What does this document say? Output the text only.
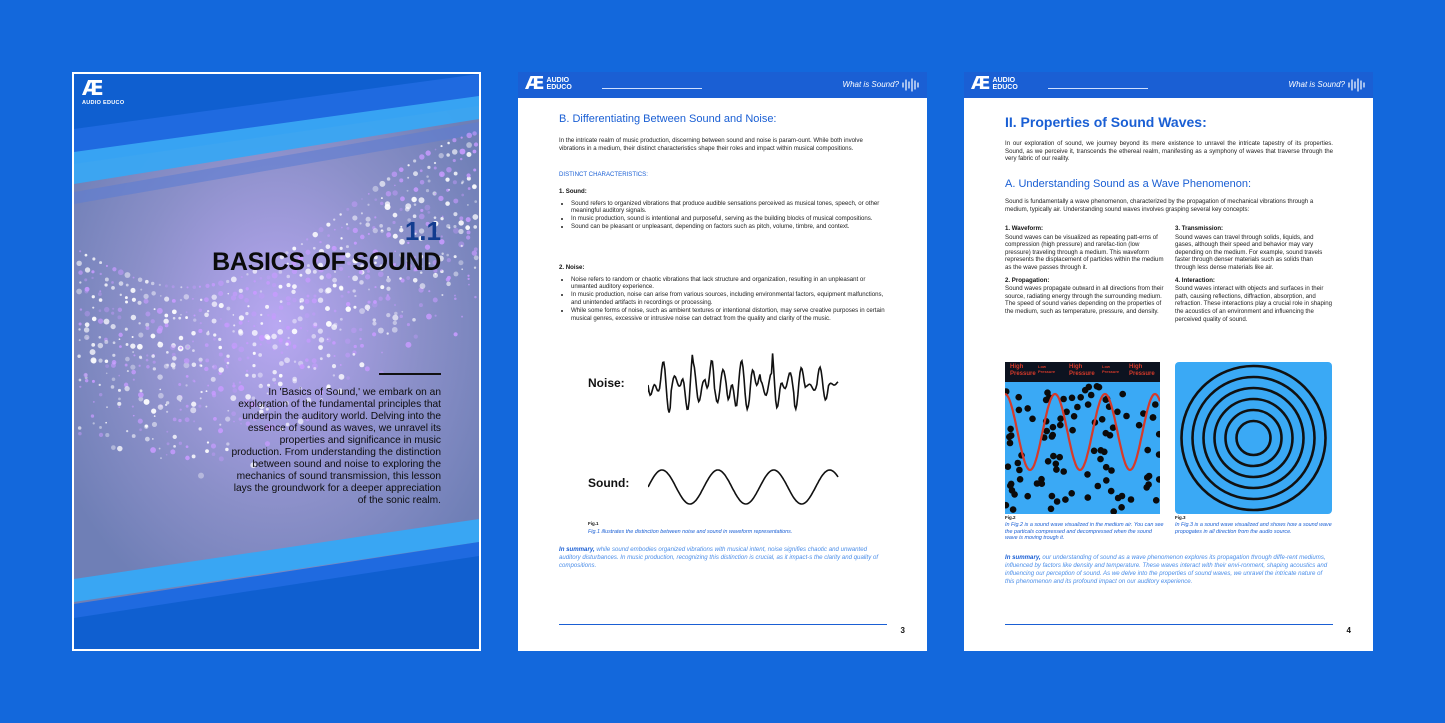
Æ
AUDIO EDUCO
1.1
BASICS OF SOUND
In 'Basics of Sound,' we embark on an exploration of the fundamental principles that underpin the auditory world. Delving into the essence of sound as waves, we unravel its properties and significance in music production. From understanding the distinction between sound and noise to exploring the mechanics of sound transmission, this lesson lays the groundwork for a deeper appreciation of the sonic realm.
Æ AUDIO
EDUCO	What is Sound?
B. Differentiating Between Sound and Noise:
In the intricate realm of music production, discerning between sound and noise is param-ount. While both involve vibrations in a medium, their distinct characteristics shape their roles and impact within musical compositions.
DISTINCT CHARACTERISTICS:
1. Sound:
• Sound refers to organized vibrations that produce audible sensations perceived as musical tones, speech, or other meaningful auditory signals.
• In music production, sound is intentional and purposeful, serving as the building blocks of musical compositions.
• Sound can be pleasant or unpleasant, depending on factors such as pitch, volume, timbre, and context.
2. Noise:
• Noise refers to random or chaotic vibrations that lack structure and organization, resulting in an unpleasant or unwanted auditory experience.
• In music production, noise can arise from various sources, including environmental factors, equipment malfunctions, and unintended artifacts in recordings or processing.
• While some forms of noise, such as ambient textures or intentional distortion, may serve creative purposes in certain musical genres, excessive or intrusive noise can detract from the quality and clarity of the music.
Noise:
Sound:
Fig.1
Fig.1 illustrates the distinction between noise and sound in waveform representations.
In summary, while sound embodies organized vibrations with musical intent, noise signifies chaotic and unwanted auditory disturbances. In music production, recognizing this distinction is crucial, as it impact-s the clarity and quality of compositions.
3
Æ AUDIO
EDUCO	What is Sound?
II. Properties of Sound Waves:
In our exploration of sound, we journey beyond its mere existence to unravel the intricate tapestry of its properties. Sound, as we perceive it, transcends the ethereal realm, manifesting as a symphony of waves that traverse through the very fabric of our reality.
A. Understanding Sound as a Wave Phenomenon:
Sound is fundamentally a wave phenomenon, characterized by the propagation of mechanical vibrations through a medium, typically air. Understanding sound waves involves grasping several key concepts:
1. Waveform:
Sound waves can be visualized as repeating patt-erns of compression (high pressure) and rarefac-tion (low pressure) traveling through a medium. This waveform represents the displacement of particles within the medium as the wave passes through it.
2. Propagation:
Sound waves propagate outward in all directions from their source, radiating energy through the surrounding medium. The speed of sound varies depending on the properties of the medium, such as temperature, pressure, and density.
3. Transmission:
Sound waves can travel through solids, liquids, and gases, although their speed and behavior may vary depending on the medium. For example, sound travels faster through denser materials such as solids than through less dense materials like air.
4. Interaction:
Sound waves interact with objects and surfaces in their path, causing reflections, diffraction, absorption, and refraction. These interactions play a crucial role in shaping the acoustics of an environment and influencing the perceived quality of sound.
High Pressure
Low Pressure
High Pressure
Low Pressure
High Pressure
Fig.2
In Fig.2 is a sound wave visualized in the medium air. You can see the particals compressed and decompressed when the sound wave is moving trough it.
Fig.3
In Fig.3 is a sound wave visualized and shows how a sound wave propogates in all direction from the audio source.
In summary, our understanding of sound as a wave phenomenon explores its propagation through diffe-rent mediums, influenced by factors like density and temperature. These waves interact with their envi-ronment, shaping acoustics and influencing our perception of sound. As we delve into the properties of sound waves, we unravel the intricate nature of this phenomenon and its profound impact on our auditory experience.
4
